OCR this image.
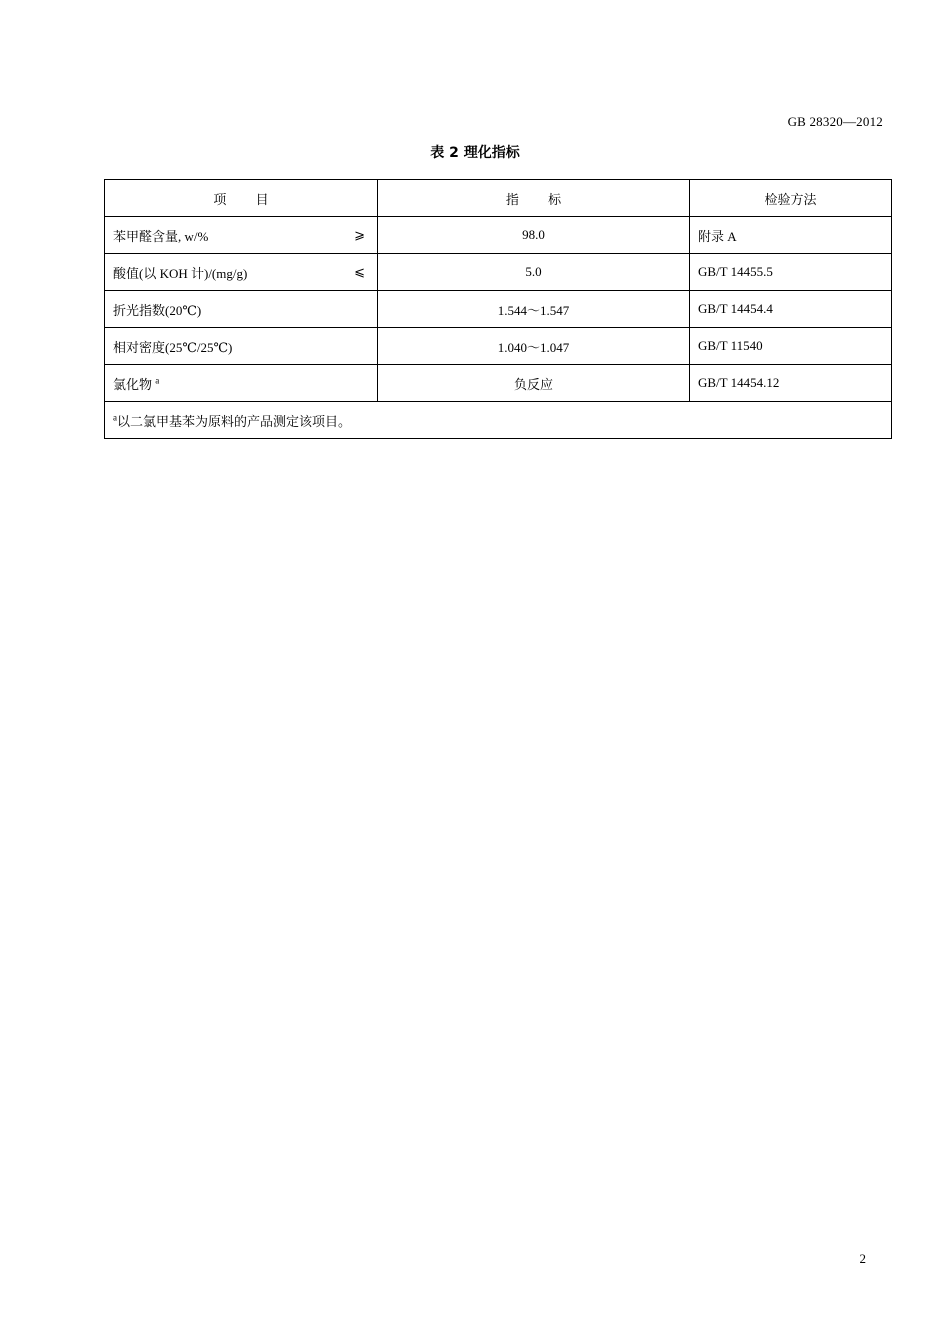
GB 28320—2012
表 2 理化指标
项 目	指 标	检验方法
苯甲醛含量, w/% ⩾	98.0	附录 A
酸值(以 KOH 计)/(mg/g) ⩽	5.0	GB/T 14455.5
折光指数(20℃)	1.544～1.547	GB/T 14454.4
相对密度(25℃/25℃)	1.040～1.047	GB/T 11540
氯化物 $^a$	负反应	GB/T 14454.12
$^a$以二氯甲基苯为原料的产品测定该项目。		
2
